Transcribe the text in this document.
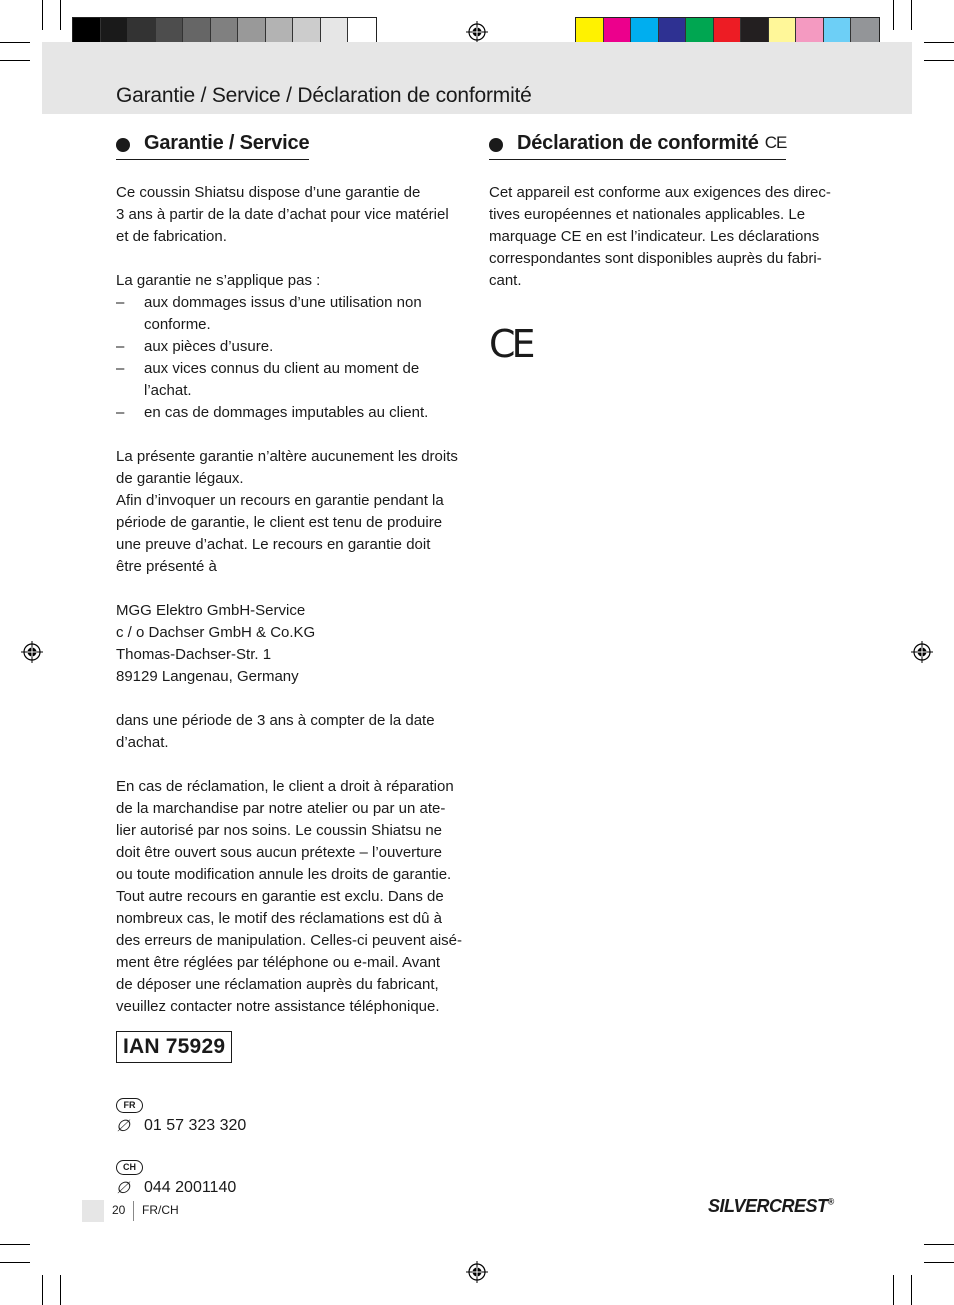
Garantie / Service / Déclaration de conformité
Garantie / Service
Ce coussin Shiatsu dispose d’une garantie de
3 ans à partir de la date d’achat pour vice matériel
et de fabrication.
La garantie ne s’applique pas :
– aux dommages issus d’une utilisation non
conforme.
– aux pièces d’usure.
– aux vices connus du client au moment de
l’achat.
– en cas de dommages imputables au client.
La présente garantie n’altère aucunement les droits
de garantie légaux.
Afin d’invoquer un recours en garantie pendant la
période de garantie, le client est tenu de produire
une preuve d’achat. Le recours en garantie doit
être présenté à
MGG Elektro GmbH-Service
c / o Dachser GmbH & Co.KG
Thomas-Dachser-Str. 1
89129 Langenau, Germany
dans une période de 3 ans à compter de la date
d’achat.
En cas de réclamation, le client a droit à réparation
de la marchandise par notre atelier ou par un ate-
lier autorisé par nos soins. Le coussin Shiatsu ne
doit être ouvert sous aucun prétexte – l’ouverture
ou toute modification annule les droits de garantie.
Tout autre recours en garantie est exclu. Dans de
nombreux cas, le motif des réclamations est dû à
des erreurs de manipulation. Celles-ci peuvent aisé-
ment être réglées par téléphone ou e-mail. Avant
de déposer une réclamation auprès du fabricant,
veuillez contacter notre assistance téléphonique.
IAN 75929
FR
∅ 01 57 323 320
CH
∅ 044 2001140
Déclaration de conformité CE
Cet appareil est conforme aux exigences des direc-
tives européennes et nationales applicables. Le
marquage CE en est l’indicateur. Les déclarations
correspondantes sont disponibles auprès du fabri-
cant.
CE
20 FR/CH	SILVERCREST®
